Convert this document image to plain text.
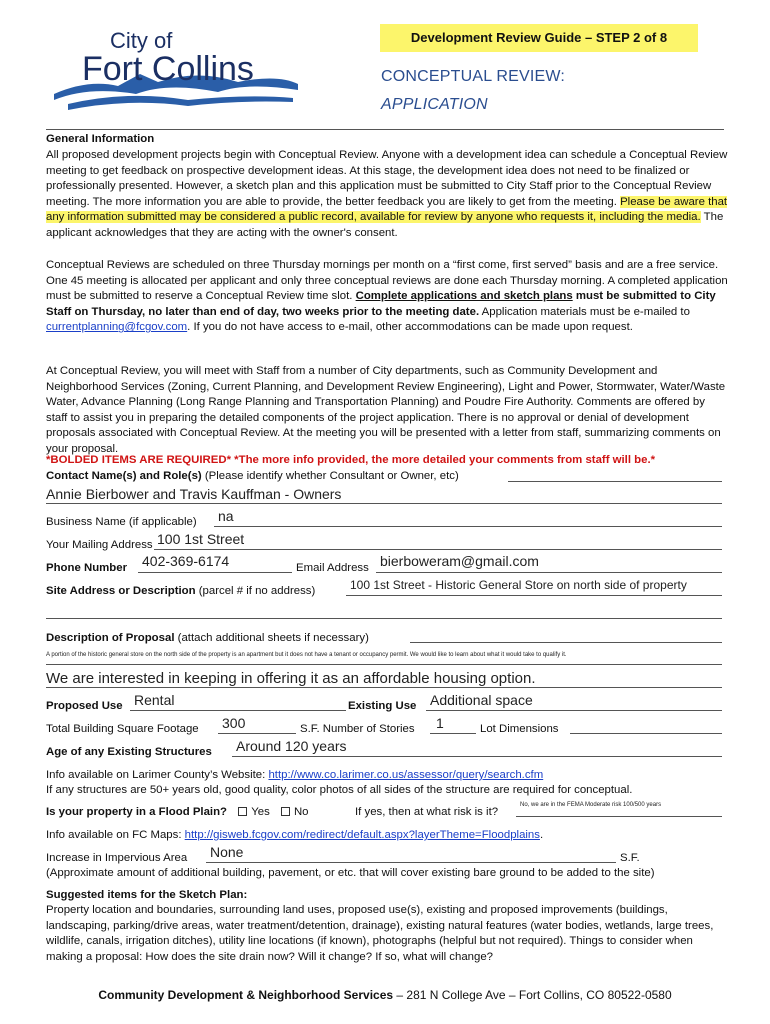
City of
Fort Collins
Development Review Guide – STEP 2 of 8
CONCEPTUAL REVIEW:
APPLICATION
General Information
All proposed development projects begin with Conceptual Review. Anyone with a development idea can schedule a Conceptual Review meeting to get feedback on prospective development ideas. At this stage, the development idea does not need to be finalized or professionally presented. However, a sketch plan and this application must be submitted to City Staff prior to the Conceptual Review meeting. The more information you are able to provide, the better feedback you are likely to get from the meeting. Please be aware that any information submitted may be considered a public record, available for review by anyone who requests it, including the media. The applicant acknowledges that they are acting with the owner's consent.
Conceptual Reviews are scheduled on three Thursday mornings per month on a “first come, first served” basis and are a free service. One 45 meeting is allocated per applicant and only three conceptual reviews are done each Thursday morning. A completed application must be submitted to reserve a Conceptual Review time slot. Complete applications and sketch plans must be submitted to City Staff on Thursday, no later than end of day, two weeks prior to the meeting date. Application materials must be e-mailed to currentplanning@fcgov.com. If you do not have access to e-mail, other accommodations can be made upon request.
At Conceptual Review, you will meet with Staff from a number of City departments, such as Community Development and Neighborhood Services (Zoning, Current Planning, and Development Review Engineering), Light and Power, Stormwater, Water/Waste Water, Advance Planning (Long Range Planning and Transportation Planning) and Poudre Fire Authority. Comments are offered by staff to assist you in preparing the detailed components of the project application. There is no approval or denial of development proposals associated with Conceptual Review. At the meeting you will be presented with a letter from staff, summarizing comments on your proposal.
*BOLDED ITEMS ARE REQUIRED* *The more info provided, the more detailed your comments from staff will be.*
Contact Name(s) and Role(s) (Please identify whether Consultant or Owner, etc)
Annie Bierbower and Travis Kauffman - Owners
Business Name (if applicable) na
Your Mailing Address 100 1st Street
Phone Number 402-369-6174	Email Address bierboweram@gmail.com
Site Address or Description (parcel # if no address)	100 1st Street - Historic General Store on north side of property
Description of Proposal (attach additional sheets if necessary)
A portion of the historic general store on the north side of the property is an apartment but it does not have a tenant or occupancy permit. We would like to learn about what it would take to qualify it.
We are interested in keeping in offering it as an affordable housing option.
Proposed Use Rental	Existing Use Additional space
Total Building Square Footage 300	S.F. Number of Stories 1	Lot Dimensions
Age of any Existing Structures Around 120 years
Info available on Larimer County’s Website: http://www.co.larimer.co.us/assessor/query/search.cfm
If any structures are 50+ years old, good quality, color photos of all sides of the structure are required for conceptual.
Is your property in a Flood Plain? Yes No	If yes, then at what risk is it?
No, we are in the FEMA Moderate risk 100/500 years
Info available on FC Maps: http://gisweb.fcgov.com/redirect/default.aspx?layerTheme=Floodplains.
Increase in Impervious Area None	S.F.
(Approximate amount of additional building, pavement, or etc. that will cover existing bare ground to be added to the site)
Suggested items for the Sketch Plan:
Property location and boundaries, surrounding land uses, proposed use(s), existing and proposed improvements (buildings, landscaping, parking/drive areas, water treatment/detention, drainage), existing natural features (water bodies, wetlands, large trees, wildlife, canals, irrigation ditches), utility line locations (if known), photographs (helpful but not required). Things to consider when making a proposal: How does the site drain now? Will it change? If so, what will change?
Community Development & Neighborhood Services – 281 N College Ave – Fort Collins, CO 80522-0580
